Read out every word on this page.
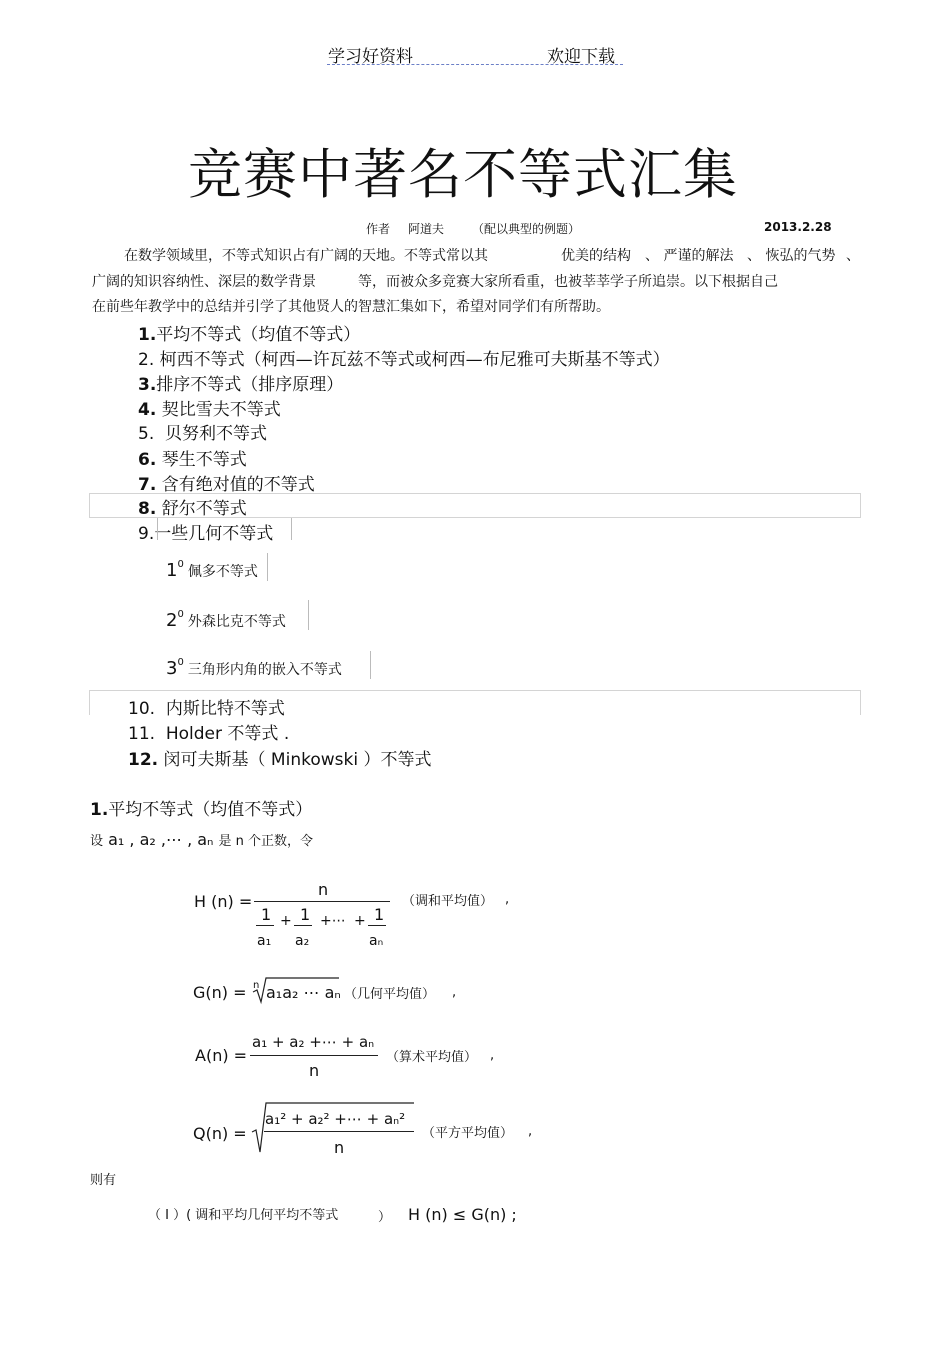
学习好资料	欢迎下载
竞赛中著名不等式汇集
作者 阿道夫 （配以典型的例题）	2013.2.28
在数学领域里，不等式知识占有广阔的天地。不等式常以其	优美的结构 、 严谨的解法 、 恢弘的气势 、
广阔的知识容纳性、深层的数学背景	等，而被众多竞赛大家所看重，也被莘莘学子所追崇。以下根据自己
在前些年教学中的总结并引学了其他贤人的智慧汇集如下，希望对同学们有所帮助。
1.平均不等式（均值不等式）
2. 柯西不等式（柯西—许瓦兹不等式或柯西—布尼雅可夫斯基不等式）
3.排序不等式（排序原理）
4. 契比雪夫不等式
5. 贝努利不等式
6. 琴生不等式
7. 含有绝对值的不等式
8. 舒尔不等式
9.一些几何不等式
$1^0$ 佩多不等式
$2^0$ 外森比克不等式
$3^0$ 三角形内角的嵌入不等式
10. 内斯比特不等式
11. Holder 不等式 .
12. 闵可夫斯基（ Minkowski ）不等式
1.平均不等式（均值不等式）
设 a₁ , a₂ ,⋯ , aₙ 是 n 个正数，令
H (n) =
n
1
a₁
+ 1
a₂
+⋯ + 1
aₙ
（调和平均值） ,
G(n) = n a₁a₂ ⋯ aₙ （几何平均值） ,
A(n) =
a₁ + a₂ +⋯ + aₙ
n
（算术平均值） ,
Q(n) =
a₁² + a₂² +⋯ + aₙ²
n
（平方平均值） ,
则有
（ I ）( 调和平均几何平均不等式	） H (n) ≤ G(n) ;
